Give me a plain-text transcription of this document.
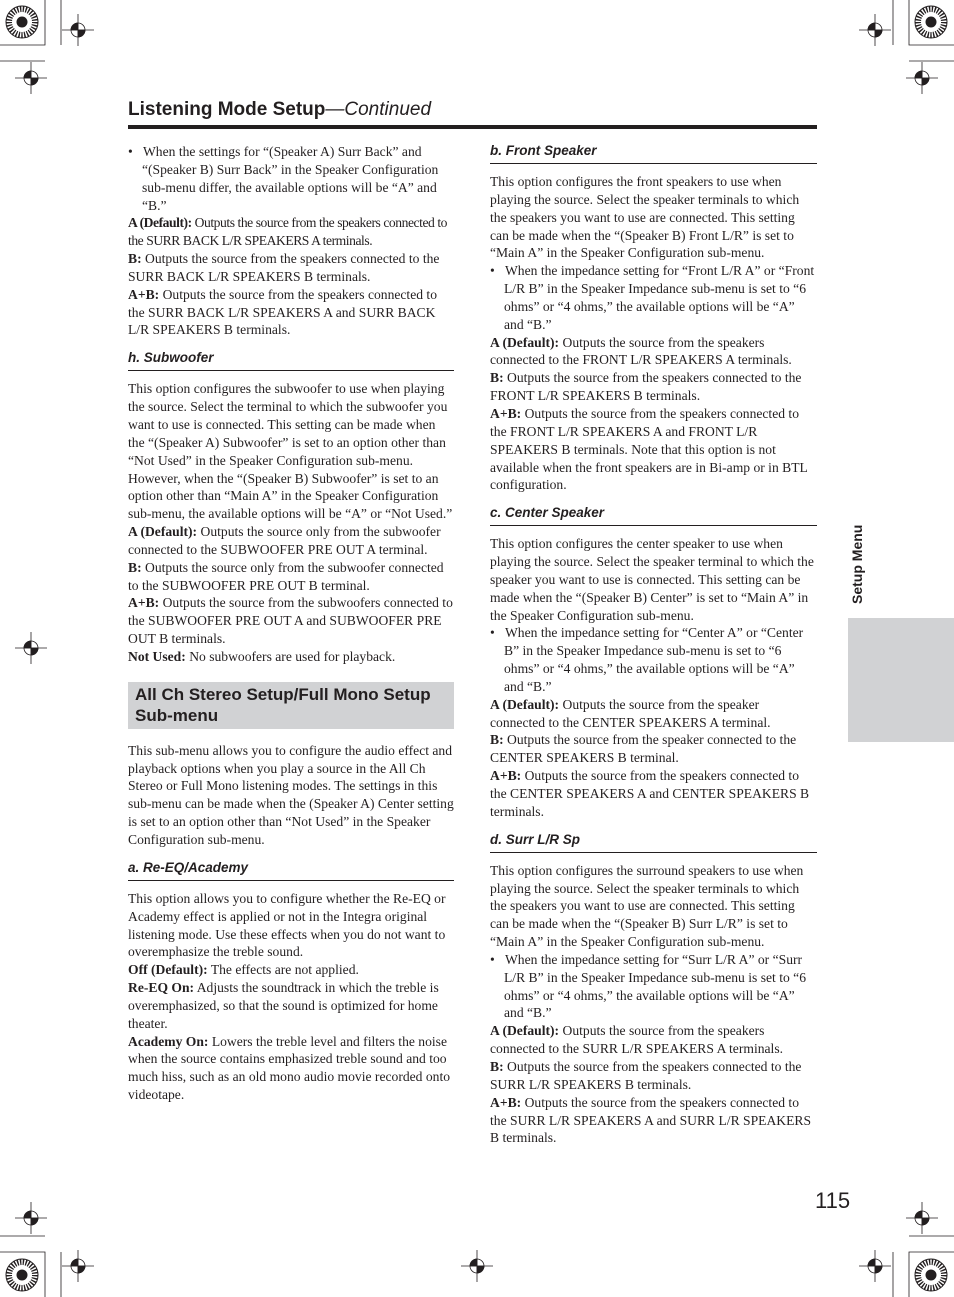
Listening Mode Setup—Continued

•   When the settings for “(Speaker A) Surr Back” and “(Speaker B) Surr Back” in the Speaker Configuration sub-menu differ, the available options will be “A” and “B.”

A (Default): Outputs the source from the speakers connected to the SURR BACK L/R SPEAKERS A terminals.

B: Outputs the source from the speakers connected to the SURR BACK L/R SPEAKERS B terminals.

A+B: Outputs the source from the speakers connected to the SURR BACK L/R SPEAKERS A and SURR BACK L/R SPEAKERS B terminals.

h. Subwoofer

This option configures the subwoofer to use when playing the source. Select the terminal to which the subwoofer you want to use is connected. This setting can be made when the “(Speaker A) Subwoofer” is set to an option other than “Not Used” in the Speaker Configuration sub-menu. However, when the “(Speaker B) Subwoofer” is set to an option other than “Main A” in the Speaker Configuration sub-menu, the available options will be “A” or “Not Used.”

A (Default): Outputs the source only from the subwoofer connected to the SUBWOOFER PRE OUT A terminal.

B: Outputs the source only from the subwoofer connected to the SUBWOOFER PRE OUT B terminal.

A+B: Outputs the source from the subwoofers connected to the SUBWOOFER PRE OUT A and SUBWOOFER PRE OUT B terminals.

Not Used: No subwoofers are used for playback.

All Ch Stereo Setup/Full Mono Setup Sub-menu

This sub-menu allows you to configure the audio effect and playback options when you play a source in the All Ch Stereo or Full Mono listening modes. The settings in this sub-menu can be made when the (Speaker A) Center setting is set to an option other than “Not Used” in the Speaker Configuration sub-menu.

a. Re-EQ/Academy

This option allows you to configure whether the Re-EQ or Academy effect is applied or not in the Integra original listening mode. Use these effects when you do not want to overemphasize the treble sound.

Off (Default): The effects are not applied.

Re-EQ On: Adjusts the soundtrack in which the treble is overemphasized, so that the sound is optimized for home theater.

Academy On: Lowers the treble level and filters the noise when the source contains emphasized treble sound and too much hiss, such as an old mono audio movie recorded onto videotape.

b. Front Speaker

This option configures the front speakers to use when playing the source. Select the speaker terminals to which the speakers you want to use are connected. This setting can be made when the “(Speaker B) Front L/R” is set to “Main A” in the Speaker Configuration sub-menu.

•   When the impedance setting for “Front L/R A” or “Front L/R B” in the Speaker Impedance sub-menu is set to “6 ohms” or “4 ohms,” the available options will be “A” and “B.”

A (Default): Outputs the source from the speakers connected to the FRONT L/R SPEAKERS A terminals.

B: Outputs the source from the speakers connected to the FRONT L/R SPEAKERS B terminals.

A+B: Outputs the source from the speakers connected to the FRONT L/R SPEAKERS A and FRONT L/R SPEAKERS B terminals. Note that this option is not available when the front speakers are in Bi-amp or in BTL configuration.

c. Center Speaker

This option configures the center speaker to use when playing the source. Select the speaker terminal to which the speaker you want to use is connected. This setting can be made when the “(Speaker B) Center” is set to “Main A” in the Speaker Configuration sub-menu.

•   When the impedance setting for “Center A” or “Center B” in the Speaker Impedance sub-menu is set to “6 ohms” or “4 ohms,” the available options will be “A” and “B.”

A (Default): Outputs the source from the speaker connected to the CENTER SPEAKERS A terminal.

B: Outputs the source from the speaker connected to the CENTER SPEAKERS B terminal.

A+B: Outputs the source from the speakers connected to the CENTER SPEAKERS A and CENTER SPEAKERS B terminals.

d. Surr L/R Sp

This option configures the surround speakers to use when playing the source. Select the speaker terminals to which the speakers you want to use are connected. This setting can be made when the “(Speaker B) Surr L/R” is set to “Main A” in the Speaker Configuration sub-menu.

•   When the impedance setting for “Surr L/R A” or “Surr L/R B” in the Speaker Impedance sub-menu is set to “6 ohms” or “4 ohms,” the available options will be “A” and “B.”

A (Default): Outputs the source from the speakers connected to the SURR L/R SPEAKERS A terminals.

B: Outputs the source from the speakers connected to the SURR L/R SPEAKERS B terminals.

A+B: Outputs the source from the speakers connected to the SURR L/R SPEAKERS A and SURR L/R SPEAKERS B terminals.

Setup Menu
115
